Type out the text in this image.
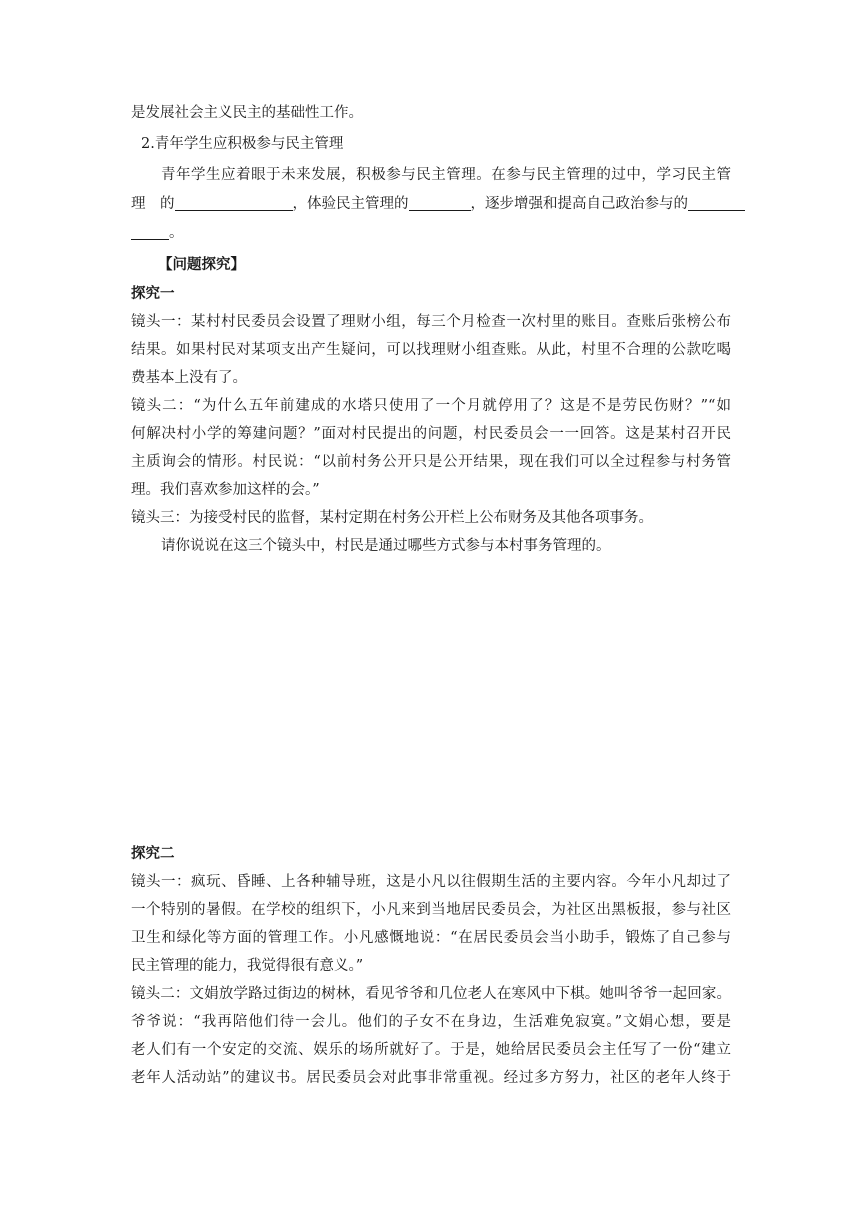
是发展社会主义民主的基础性工作。
2.青年学生应积极参与民主管理
青年学生应着眼于未来发展，积极参与民主管理。在参与民主管理的过中，学习民主管
理　的	，体验民主管理的	，逐步增强和提高自己政治参与的
。
【问题探究】
探究一
镜头一：某村村民委员会设置了理财小组，每三个月检查一次村里的账目。查账后张榜公布
结果。如果村民对某项支出产生疑问，可以找理财小组查账。从此，村里不合理的公款吃喝
费基本上没有了。
镜头二：“为什么五年前建成的水塔只使用了一个月就停用了？这是不是劳民伤财？”“如
何解决村小学的筹建问题？”面对村民提出的问题，村民委员会一一回答。这是某村召开民
主质询会的情形。村民说：“以前村务公开只是公开结果，现在我们可以全过程参与村务管
理。我们喜欢参加这样的会。”
镜头三：为接受村民的监督，某村定期在村务公开栏上公布财务及其他各项事务。
请你说说在这三个镜头中，村民是通过哪些方式参与本村事务管理的。
探究二
镜头一：疯玩、昏睡、上各种辅导班，这是小凡以往假期生活的主要内容。今年小凡却过了
一个特别的暑假。在学校的组织下，小凡来到当地居民委员会，为社区出黑板报，参与社区
卫生和绿化等方面的管理工作。小凡感慨地说：“在居民委员会当小助手，锻炼了自己参与
民主管理的能力，我觉得很有意义。”
镜头二：文娟放学路过街边的树林，看见爷爷和几位老人在寒风中下棋。她叫爷爷一起回家。
爷爷说：“我再陪他们待一会儿。他们的子女不在身边，生活难免寂寞。”文娟心想，要是
老人们有一个安定的交流、娱乐的场所就好了。于是，她给居民委员会主任写了一份“建立
老年人活动站”的建议书。居民委员会对此事非常重视。经过多方努力，社区的老年人终于
